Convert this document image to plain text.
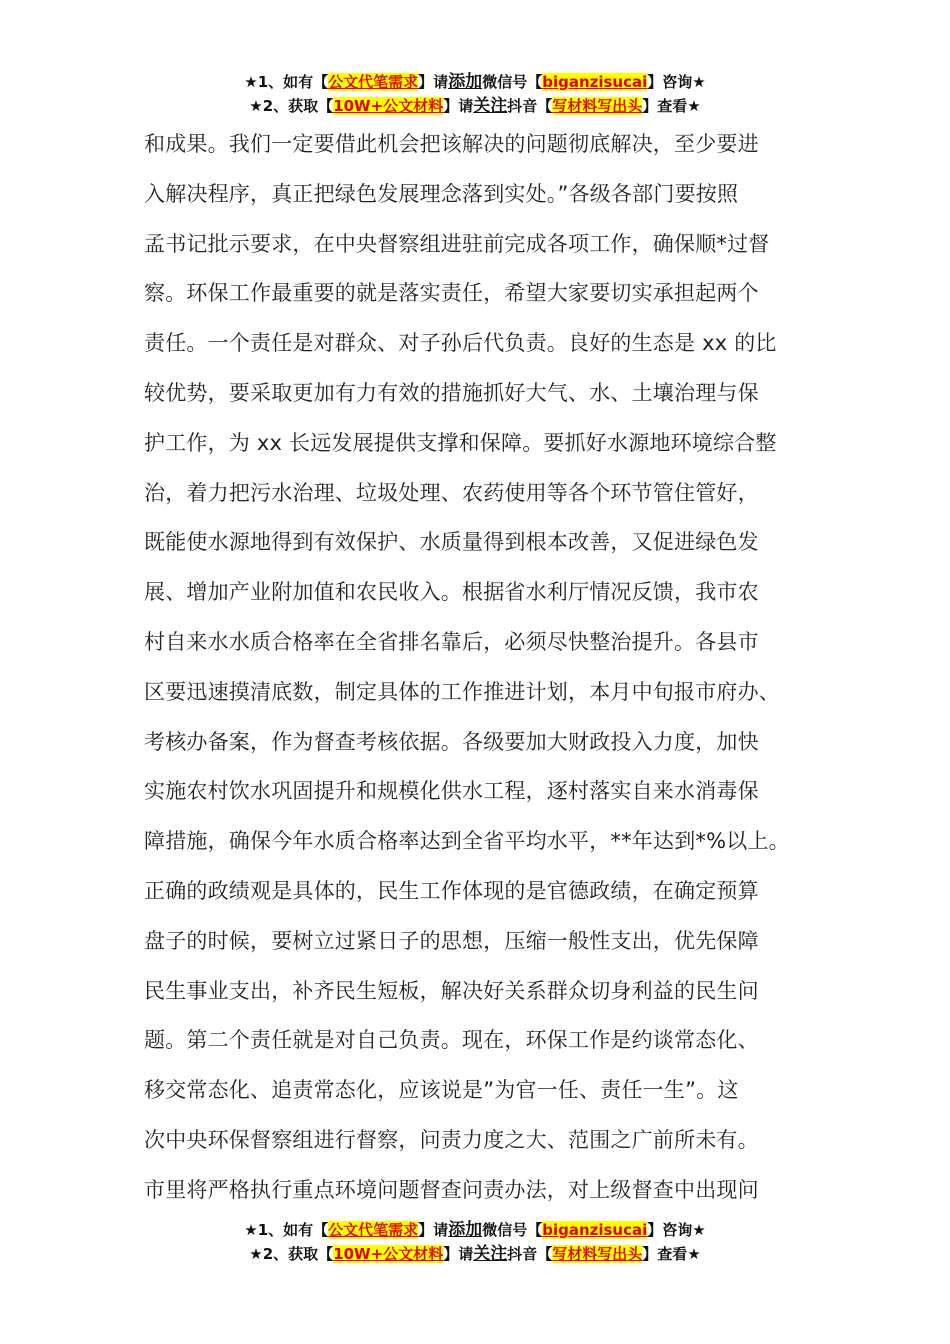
★1、如有【公文代笔需求】请添加微信号【biganzisucai】咨询★
★2、获取【10W+公文材料】请关注抖音【写材料写出头】查看★
和成果。我们一定要借此机会把该解决的问题彻底解决，至少要进
入解决程序，真正把绿色发展理念落到实处。”各级各部门要按照
孟书记批示要求，在中央督察组进驻前完成各项工作，确保顺*过督
察。环保工作最重要的就是落实责任，希望大家要切实承担起两个
责任。一个责任是对群众、对子孙后代负责。良好的生态是 xx 的比
较优势，要采取更加有力有效的措施抓好大气、水、土壤治理与保
护工作，为 xx 长远发展提供支撑和保障。要抓好水源地环境综合整
治，着力把污水治理、垃圾处理、农药使用等各个环节管住管好，
既能使水源地得到有效保护、水质量得到根本改善，又促进绿色发
展、增加产业附加值和农民收入。根据省水利厅情况反馈，我市农
村自来水水质合格率在全省排名靠后，必须尽快整治提升。各县市
区要迅速摸清底数，制定具体的工作推进计划，本月中旬报市府办、
考核办备案，作为督查考核依据。各级要加大财政投入力度，加快
实施农村饮水巩固提升和规模化供水工程，逐村落实自来水消毒保
障措施，确保今年水质合格率达到全省平均水平，**年达到*%以上。
正确的政绩观是具体的，民生工作体现的是官德政绩，在确定预算
盘子的时候，要树立过紧日子的思想，压缩一般性支出，优先保障
民生事业支出，补齐民生短板，解决好关系群众切身利益的民生问
题。第二个责任就是对自己负责。现在，环保工作是约谈常态化、
移交常态化、追责常态化，应该说是”为官一任、责任一生”。这
次中央环保督察组进行督察，问责力度之大、范围之广前所未有。
市里将严格执行重点环境问题督查问责办法，对上级督查中出现问
★1、如有【公文代笔需求】请添加微信号【biganzisucai】咨询★
★2、获取【10W+公文材料】请关注抖音【写材料写出头】查看★
